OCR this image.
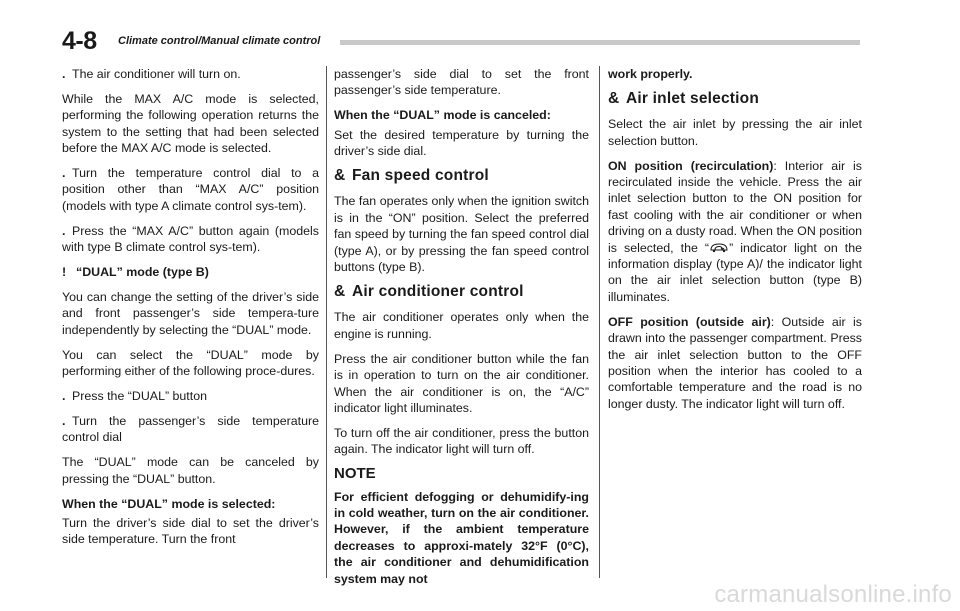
4-8 Climate control/Manual climate control

. The air conditioner will turn on.

While the MAX A/C mode is selected, performing the following operation returns the system to the setting that had been selected before the MAX A/C mode is selected.

. Turn the temperature control dial to a position other than “MAX A/C” position (models with type A climate control sys-tem).

. Press the “MAX A/C” button again (models with type B climate control sys-tem).

! “DUAL” mode (type B)

You can change the setting of the driver’s side and front passenger’s side tempera-ture independently by selecting the “DUAL” mode.

You can select the “DUAL” mode by performing either of the following proce-dures.

. Press the “DUAL” button

. Turn the passenger’s side temperature control dial

The “DUAL” mode can be canceled by pressing the “DUAL” button.

When the “DUAL” mode is selected:

Turn the driver’s side dial to set the driver’s side temperature. Turn the front

passenger’s side dial to set the front passenger’s side temperature.

When the “DUAL” mode is canceled:

Set the desired temperature by turning the driver’s side dial.

& Fan speed control

The fan operates only when the ignition switch is in the “ON” position. Select the preferred fan speed by turning the fan speed control dial (type A), or by pressing the fan speed control buttons (type B).

& Air conditioner control

The air conditioner operates only when the engine is running.

Press the air conditioner button while the fan is in operation to turn on the air conditioner. When the air conditioner is on, the “A/C” indicator light illuminates.

To turn off the air conditioner, press the button again. The indicator light will turn off.

NOTE

For efficient defogging or dehumidify-ing in cold weather, turn on the air conditioner. However, if the ambient temperature decreases to approxi-mately 32°F (0°C), the air conditioner and dehumidification system may not

work properly.

& Air inlet selection

Select the air inlet by pressing the air inlet selection button.

ON position (recirculation): Interior air is recirculated inside the vehicle. Press the air inlet selection button to the ON position for fast cooling with the air conditioner or when driving on a dusty road. When the ON position is selected, the “ ” indicator light on the information display (type A)/ the indicator light on the air inlet selection button (type B) illuminates.

OFF position (outside air): Outside air is drawn into the passenger compartment. Press the air inlet selection button to the OFF position when the interior has cooled to a comfortable temperature and the road is no longer dusty. The indicator light will turn off.

carmanualsonline.info
